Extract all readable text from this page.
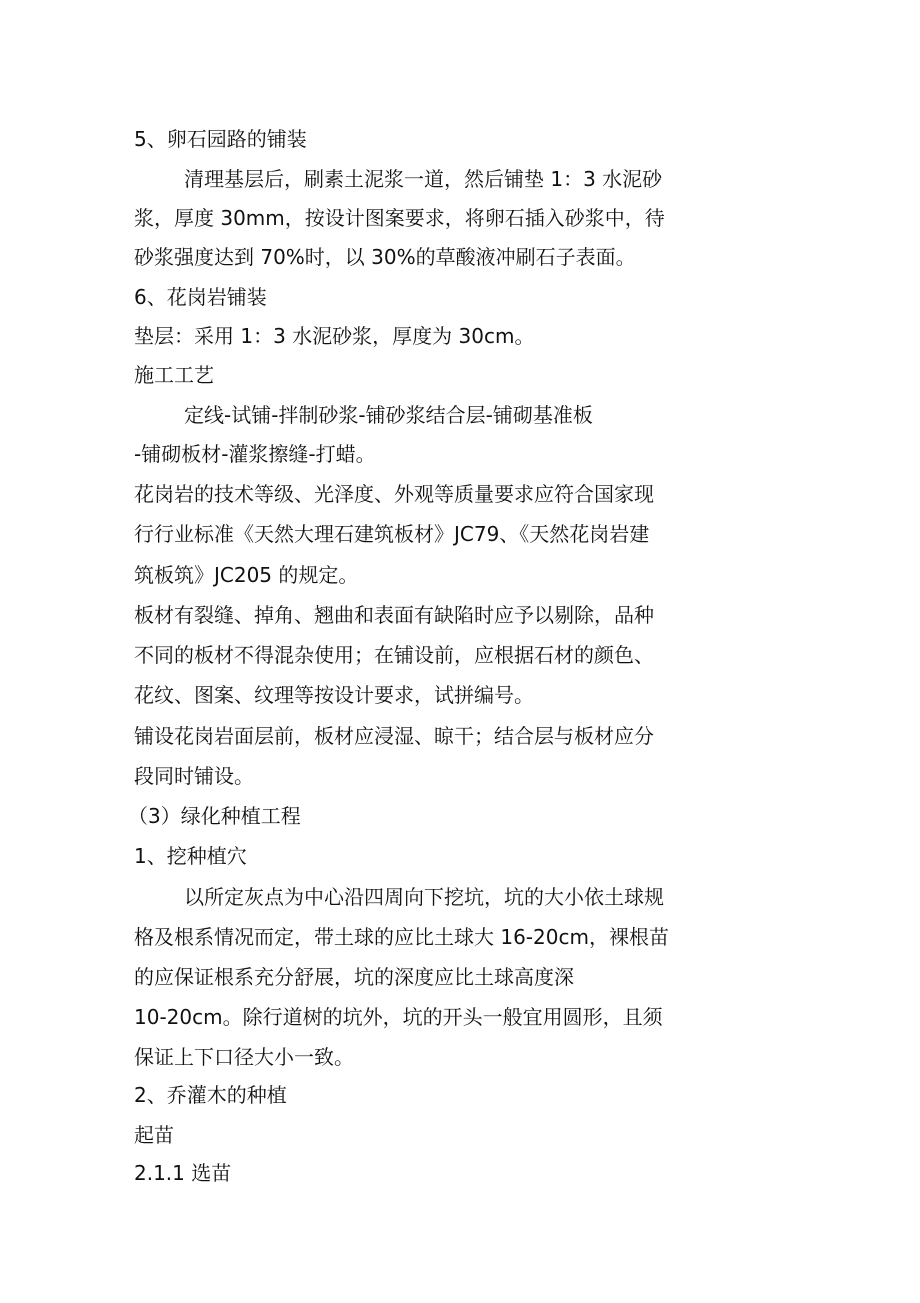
5、卵石园路的铺装

清理基层后，刷素土泥浆一道，然后铺垫 1：3 水泥砂

浆，厚度 30mm，按设计图案要求，将卵石插入砂浆中，待

砂浆强度达到 70%时，以 30%的草酸液冲刷石子表面。

6、花岗岩铺装

垫层：采用 1：3 水泥砂浆，厚度为 30cm。

施工工艺

定线-试铺-拌制砂浆-铺砂浆结合层-铺砌基准板

-铺砌板材-灌浆擦缝-打蜡。

花岗岩的技术等级、光泽度、外观等质量要求应符合国家现

行行业标准《天然大理石建筑板材》JC79、《天然花岗岩建

筑板筑》JC205 的规定。

板材有裂缝、掉角、翘曲和表面有缺陷时应予以剔除，品种

不同的板材不得混杂使用；在铺设前，应根据石材的颜色、

花纹、图案、纹理等按设计要求，试拼编号。

铺设花岗岩面层前，板材应浸湿、晾干；结合层与板材应分

段同时铺设。

（3）绿化种植工程

1、挖种植穴

以所定灰点为中心沿四周向下挖坑，坑的大小依土球规

格及根系情况而定，带土球的应比土球大 16-20cm，裸根苗

的应保证根系充分舒展，坑的深度应比土球高度深

10-20cm。除行道树的坑外，坑的开头一般宜用圆形，且须

保证上下口径大小一致。

2、乔灌木的种植

起苗

2.1.1 选苗
